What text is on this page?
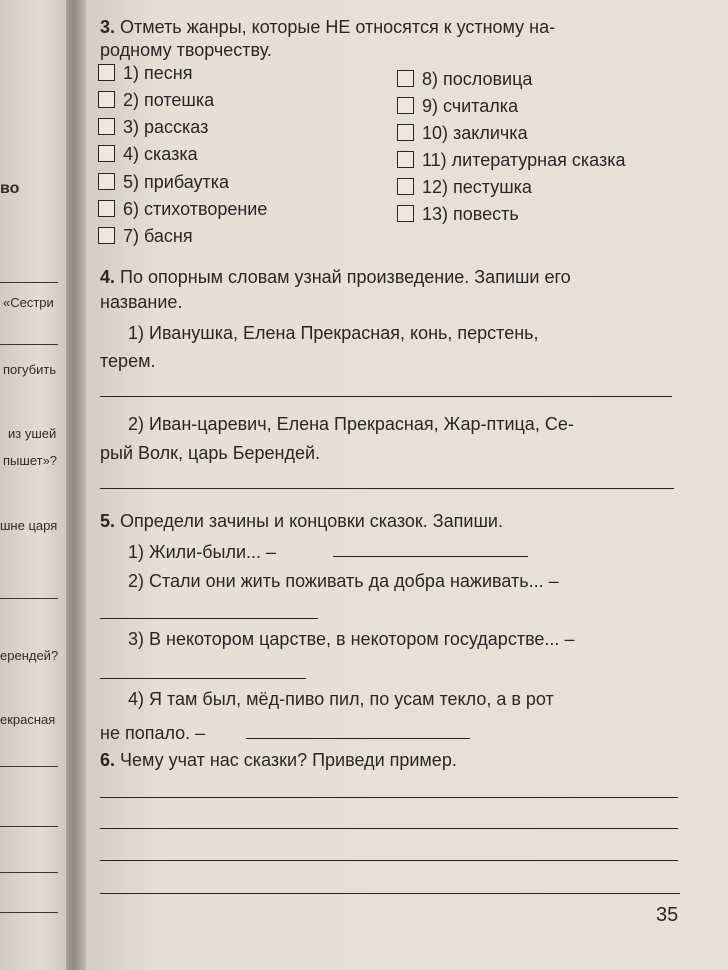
во
«Сестри
погубить
из ушей
пышет»?
шне царя
ерендей?
екрасная
3. Отметь жанры, которые НЕ относятся к устному на-
родному творчеству.
1) песня
2) потешка
3) рассказ
4) сказка
5) прибаутка
6) стихотворение
7) басня
8) пословица
9) считалка
10) закличка
11) литературная сказка
12) пестушка
13) повесть
4. По опорным словам узнай произведение. Запиши его
название.
1) Иванушка, Елена Прекрасная, конь, перстень,
терем.
2) Иван-царевич, Елена Прекрасная, Жар-птица, Се-
рый Волк, царь Берендей.
5. Определи зачины и концовки сказок. Запиши.
1) Жили-были... –
2) Стали они жить поживать да добра наживать... –
3) В некотором царстве, в некотором государстве... –
4) Я там был, мёд-пиво пил, по усам текло, а в рот
не попало. –
6. Чему учат нас сказки? Приведи пример.
35
